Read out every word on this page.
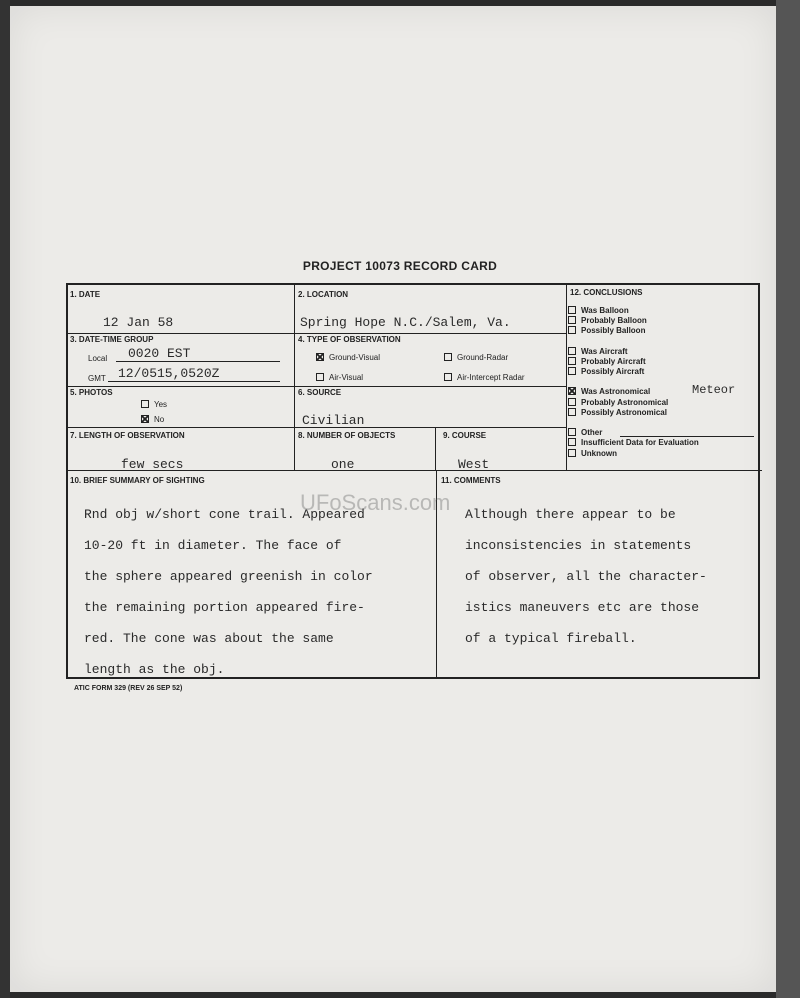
PROJECT 10073 RECORD CARD
1. DATE
12 Jan 58
2. LOCATION
Spring Hope N.C./Salem, Va.
3. DATE-TIME GROUP
Local 0020 EST
GMT 12/0515,0520Z
4. TYPE OF OBSERVATION
Ground-Visual	Ground-Radar
Air-Visual	Air-Intercept Radar
5. PHOTOS
Yes
No
6. SOURCE
Civilian
7. LENGTH OF OBSERVATION
few secs
8. NUMBER OF OBJECTS
one
9. COURSE
West
12. CONCLUSIONS
Was Balloon
Probably Balloon
Possibly Balloon
Was Aircraft
Probably Aircraft
Possibly Aircraft
Was Astronomical	Meteor
Probably Astronomical
Possibly Astronomical
Other
Insufficient Data for Evaluation
Unknown
10. BRIEF SUMMARY OF SIGHTING

Rnd obj w/short cone trail. Appeared

10-20 ft in diameter. The face of

the sphere appeared greenish in color

the remaining portion appeared fire-

red. The cone was about the same

length as the obj.

11. COMMENTS

Although there appear to be

inconsistencies in statements

of observer, all the character-

istics maneuvers etc are those

of a typical fireball.

UFoScans.com
ATIC FORM 329 (REV 26 SEP 52)
